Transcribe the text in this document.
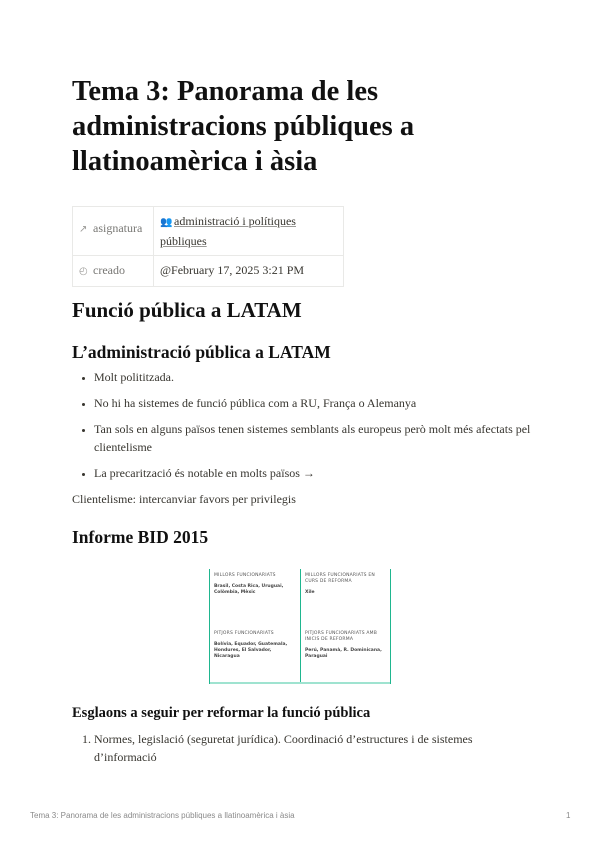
Tema 3: Panorama de les administracions públiques a llatinoamèrica i àsia
↗ asignatura	👥 administració i polítiques públiques
◴ creado	@February 17, 2025 3:21 PM
Funció pública a LATAM
L’administració pública a LATAM
• Molt polititzada.
• No hi ha sistemes de funció pública com a RU, França o Alemanya
• Tan sols en alguns països tenen sistemes semblants als europeus però molt més afectats pel clientelisme
• La precarització és notable en molts països →

Clientelisme: intercanviar favors per privilegis

Informe BID 2015
MILLORS FUNCIONARIATS
Brasil, Costa Rica, Uruguai, Colòmbia, Mèxic
MILLORS FUNCIONARIATS EN CURS DE REFORMA
Xile
PITJORS FUNCIONARIATS
Bolívia, Equador, Guatemala, Hondures, El Salvador, Nicaragua
PITJORS FUNCIONARIATS AMB INICIS DE REFORMA
Perú, Panamà, R. Dominicana, Paraguai
Esglaons a seguir per reformar la funció pública
1. Normes, legislació (seguretat jurídica). Coordinació d’estructures i de sistemes d’informació
Tema 3: Panorama de les administracions públiques a llatinoamèrica i àsia	1
